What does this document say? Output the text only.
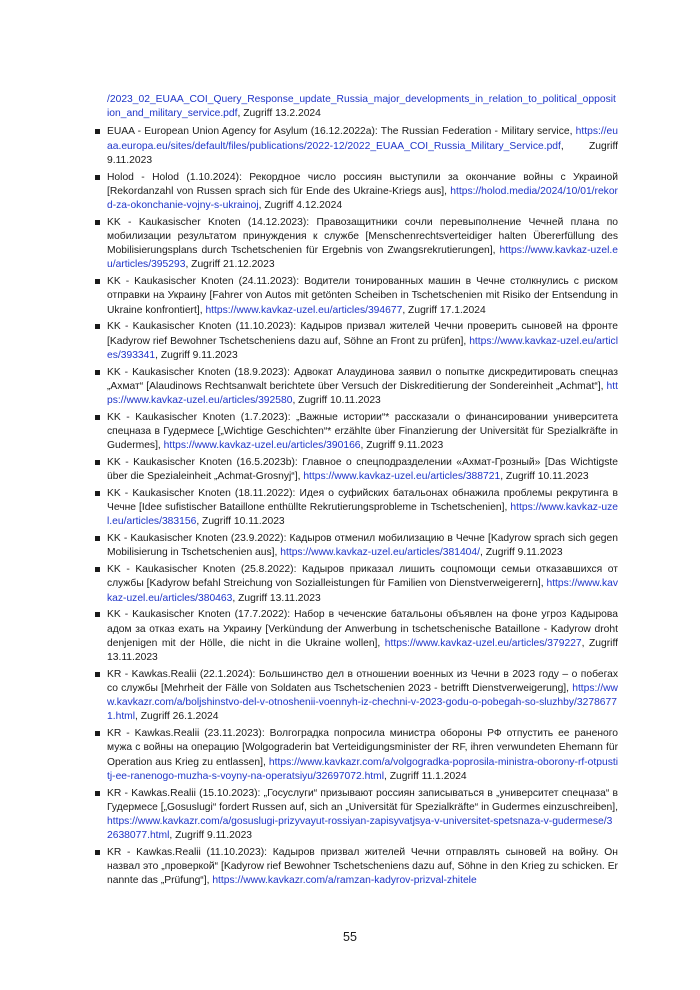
/2023_02_EUAA_COI_Query_Response_update_Russia_major_developments_in_relation_to_political_opposition_and_military_service.pdf, Zugriff 13.2.2024
EUAA - European Union Agency for Asylum (16.12.2022a): The Russian Federation - Military service, https://euaa.europa.eu/sites/default/files/publications/2022-12/2022_EUAA_COI_Russia_Military_Service.pdf, Zugriff 9.11.2023
Holod - Holod (1.10.2024): Рекордное число россиян выступили за окончание войны с Украиной [Rekordanzahl von Russen sprach sich für Ende des Ukraine-Kriegs aus], https://holod.media/2024/10/01/rekord-za-okonchanie-vojny-s-ukrainoj, Zugriff 4.12.2024
KK - Kaukasischer Knoten (14.12.2023): Правозащитники сочли перевыполнение Чечней плана по мобилизации результатом принуждения к службе [Menschenrechtsverteidiger halten Übererfüllung des Mobilisierungsplans durch Tschetschenien für Ergebnis von Zwangsrekrutierungen], https://www.kavkaz-uzel.eu/articles/395293, Zugriff 21.12.2023
KK - Kaukasischer Knoten (24.11.2023): Водители тонированных машин в Чечне столкнулись с риском отправки на Украину [Fahrer von Autos mit getönten Scheiben in Tschetschenien mit Risiko der Entsendung in Ukraine konfrontiert], https://www.kavkaz-uzel.eu/articles/394677, Zugriff 17.1.2024
KK - Kaukasischer Knoten (11.10.2023): Кадыров призвал жителей Чечни проверить сыновей на фронте [Kadyrow rief Bewohner Tschetscheniens dazu auf, Söhne an Front zu prüfen], https://www.kavkaz-uzel.eu/articles/393341, Zugriff 9.11.2023
KK - Kaukasischer Knoten (18.9.2023): Адвокат Алаудинова заявил о попытке дискредитировать спецназ „Ахмат“ [Alaudinows Rechtsanwalt berichtete über Versuch der Diskreditierung der Sondereinheit „Achmat“], https://www.kavkaz-uzel.eu/articles/392580, Zugriff 10.11.2023
KK - Kaukasischer Knoten (1.7.2023): „Важные истории“* рассказали о финансировании университета спецназа в Гудермесе [„Wichtige Geschichten“* erzählte über Finanzierung der Universität für Spezialkräfte in Gudermes], https://www.kavkaz-uzel.eu/articles/390166, Zugriff 9.11.2023
KK - Kaukasischer Knoten (16.5.2023b): Главное о спецподразделении «Ахмат-Грозный» [Das Wichtigste über die Spezialeinheit „Achmat-Grosnyj“], https://www.kavkaz-uzel.eu/articles/388721, Zugriff 10.11.2023
KK - Kaukasischer Knoten (18.11.2022): Идея о суфийских батальонах обнажила проблемы рекрутинга в Чечне [Idee sufistischer Bataillone enthüllte Rekrutierungsprobleme in Tschetschenien], https://www.kavkaz-uzel.eu/articles/383156, Zugriff 10.11.2023
KK - Kaukasischer Knoten (23.9.2022): Кадыров отменил мобилизацию в Чечне [Kadyrow sprach sich gegen Mobilisierung in Tschetschenien aus], https://www.kavkaz-uzel.eu/articles/381404/, Zugriff 9.11.2023
KK - Kaukasischer Knoten (25.8.2022): Кадыров приказал лишить соцпомощи семьи отказавшихся от службы [Kadyrow befahl Streichung von Sozialleistungen für Familien von Dienstverweigerern], https://www.kavkaz-uzel.eu/articles/380463, Zugriff 13.11.2023
KK - Kaukasischer Knoten (17.7.2022): Набор в чеченские батальоны объявлен на фоне угроз Кадырова адом за отказ ехать на Украину [Verkündung der Anwerbung in tschetschenische Bataillone - Kadyrow droht denjenigen mit der Hölle, die nicht in die Ukraine wollen], https://www.kavkaz-uzel.eu/articles/379227, Zugriff 13.11.2023
KR - Kawkas.Realii (22.1.2024): Большинство дел в отношении военных из Чечни в 2023 году – о побегах со службы [Mehrheit der Fälle von Soldaten aus Tschetschenien 2023 - betrifft Dienstverweigerung], https://www.kavkazr.com/a/boljshinstvo-del-v-otnoshenii-voennyh-iz-chechni-v-2023-godu-o-pobegah-so-sluzhby/32786771.html, Zugriff 26.1.2024
KR - Kawkas.Realii (23.11.2023): Волгоградка попросила министра обороны РФ отпустить ее раненого мужа с войны на операцию [Wolgograderin bat Verteidigungsminister der RF, ihren verwundeten Ehemann für Operation aus Krieg zu entlassen], https://www.kavkazr.com/a/volgogradka-poprosila-ministra-oborony-rf-otpustitj-ee-ranenogo-muzha-s-voyny-na-operatsiyu/32697072.html, Zugriff 11.1.2024
KR - Kawkas.Realii (15.10.2023): „Госуслуги“ призывают россиян записываться в „университет спецназа“ в Гудермесе [„Gosuslugi“ fordert Russen auf, sich an „Universität für Spezialkräfte“ in Gudermes einzuschreiben], https://www.kavkazr.com/a/gosuslugi-prizyvayut-rossiyan-zapisyvatjsya-v-universitet-spetsnaza-v-gudermese/32638077.html, Zugriff 9.11.2023
KR - Kawkas.Realii (11.10.2023): Кадыров призвал жителей Чечни отправлять сыновей на войну. Он назвал это „проверкой“ [Kadyrow rief Bewohner Tschetscheniens dazu auf, Söhne in den Krieg zu schicken. Er nannte das „Prüfung“], https://www.kavkazr.com/a/ramzan-kadyrov-prizval-zhitele
55
